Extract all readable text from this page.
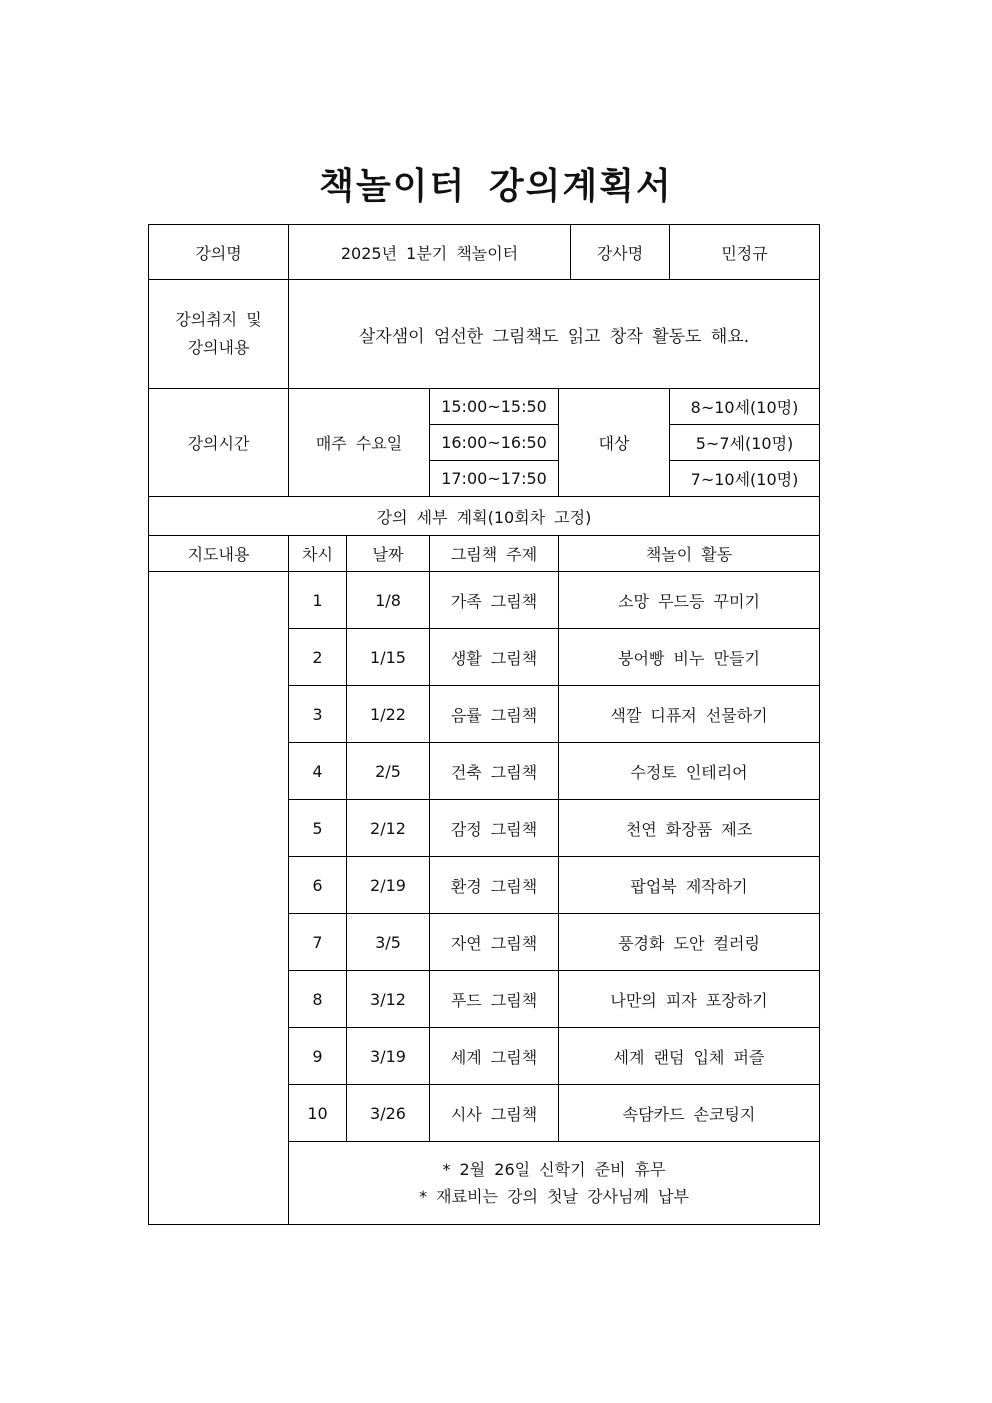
책놀이터 강의계획서
강의명	2025년 1분기 책놀이터				강사명	민정규

강의취지 및
강의내용	살자샘이 엄선한 그림책도 읽고 창작 활동도 해요.					
강의시간	매주 수요일		15:00~15:50	대상		8~10세(10명)
			16:00~16:50			5~7세(10명)
			17:00~17:50			7~10세(10명)
강의 세부 계획(10회차 고정)						
지도내용	차시	날짜	그림책 주제	책놀이 활동		
	1	1/8	가족 그림책	소망 무드등 꾸미기		
	2	1/15	생활 그림책	붕어빵 비누 만들기		
	3	1/22	음률 그림책	색깔 디퓨저 선물하기		
	4	2/5	건축 그림책	수정토 인테리어		
	5	2/12	감정 그림책	천연 화장품 제조		
	6	2/19	환경 그림책	팝업북 제작하기		
	7	3/5	자연 그림책	풍경화 도안 컬러링		
	8	3/12	푸드 그림책	나만의 피자 포장하기		
	9	3/19	세계 그림책	세계 랜덤 입체 퍼즐		
	10	3/26	시사 그림책	속담카드 손코팅지		

	* 2월 26일 신학기 준비 휴무
* 재료비는 강의 첫날 강사님께 납부					
